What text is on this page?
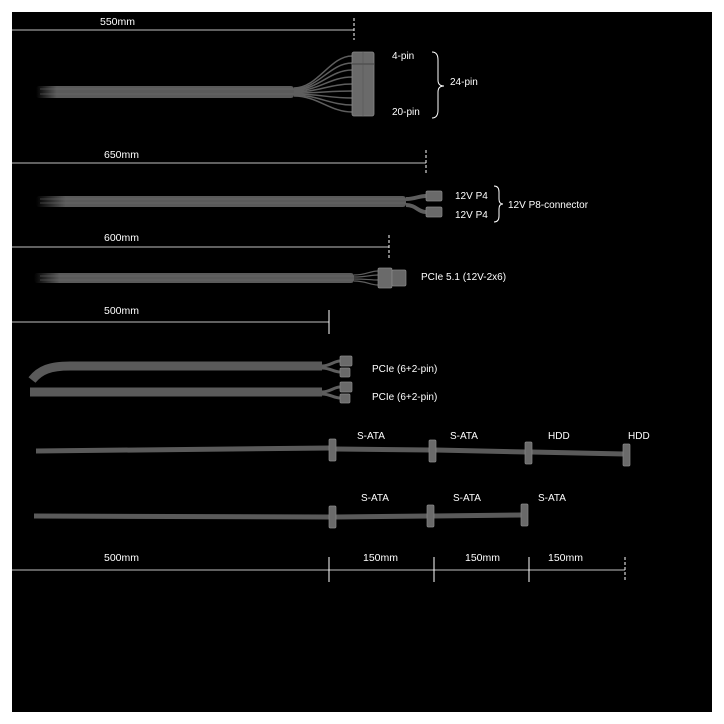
550mm
4-pin
20-pin
24-pin
650mm
12V P4
12V P4
12V P8-connector
600mm
PCIe 5.1 (12V-2x6)
500mm
PCIe (6+2-pin)
PCIe (6+2-pin)
S-ATA	S-ATA	HDD	HDD
S-ATA	S-ATA	S-ATA
500mm	150mm	150mm	150mm
